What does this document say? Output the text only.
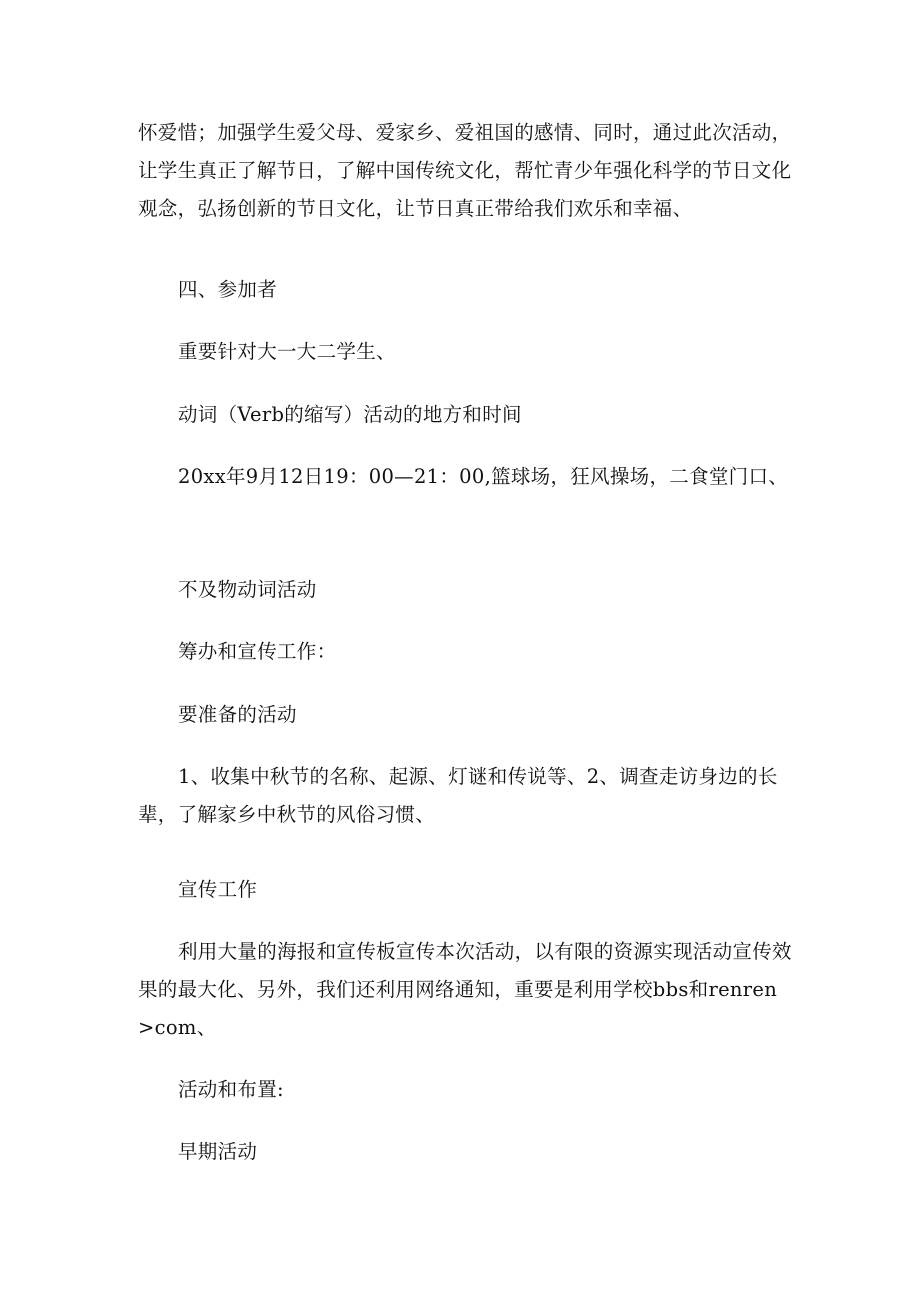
怀爱惜；加强学生爱父母、爱家乡、爱祖国的感情、同时，通过此次活动，让学生真正了解节日，了解中国传统文化，帮忙青少年强化科学的节日文化观念，弘扬创新的节日文化，让节日真正带给我们欢乐和幸福、

四、参加者

重要针对大一大二学生、

动词（Verb的缩写）活动的地方和时间

20xx年9月12日19：00—21：00,篮球场，狂风操场，二食堂门口、

不及物动词活动

筹办和宣传工作：

要准备的活动

1、收集中秋节的名称、起源、灯谜和传说等、2、调查走访身边的长辈，了解家乡中秋节的风俗习惯、

宣传工作

利用大量的海报和宣传板宣传本次活动，以有限的资源实现活动宣传效果的最大化、另外，我们还利用网络通知，重要是利用学校bbs和renren>com、

活动和布置:

早期活动
